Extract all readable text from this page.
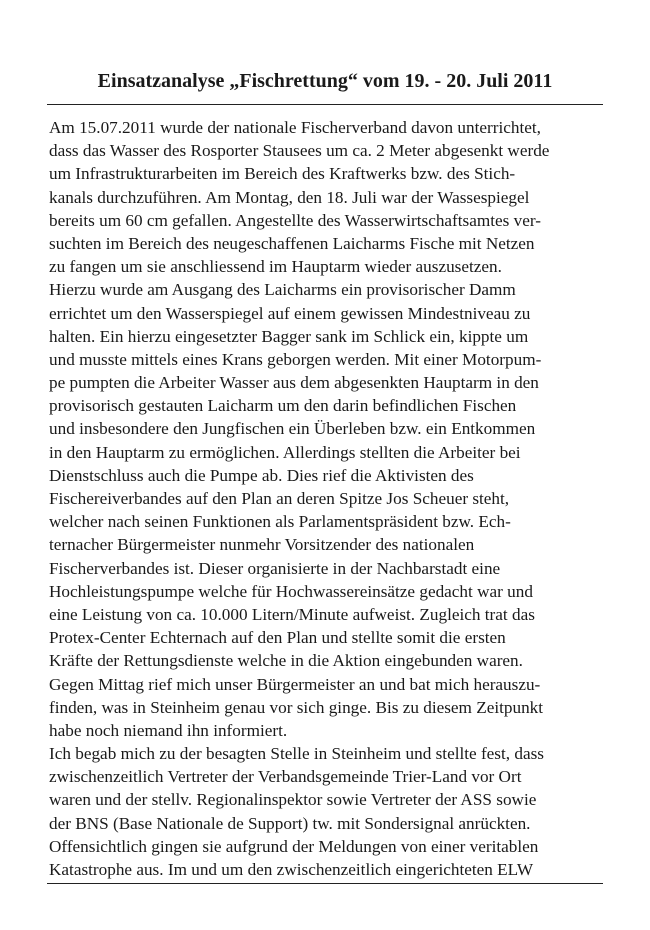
Einsatzanalyse „Fischrettung“ vom 19. - 20. Juli 2011
Am 15.07.2011 wurde der nationale Fischerverband davon unterrichtet,
dass das Wasser des Rosporter Stausees um ca. 2 Meter abgesenkt werde
um Infrastrukturarbeiten im Bereich des Kraftwerks bzw. des Stich-
kanals durchzuführen. Am Montag, den 18. Juli war der Wassespiegel
bereits um 60 cm gefallen. Angestellte des Wasserwirtschaftsamtes ver-
suchten im Bereich des neugeschaffenen Laicharms Fische mit Netzen
zu fangen um sie anschliessend im Hauptarm wieder auszusetzen.
Hierzu wurde am Ausgang des Laicharms ein provisorischer Damm
errichtet um den Wasserspiegel auf einem gewissen Mindestniveau zu
halten. Ein hierzu eingesetzter Bagger sank im Schlick ein, kippte um
und musste mittels eines Krans geborgen werden. Mit einer Motorpum-
pe pumpten die Arbeiter Wasser aus dem abgesenkten Hauptarm in den
provisorisch gestauten Laicharm um den darin befindlichen Fischen
und insbesondere den Jungfischen ein Überleben bzw. ein Entkommen
in den Hauptarm zu ermöglichen. Allerdings stellten die Arbeiter bei
Dienstschluss auch die Pumpe ab. Dies rief die Aktivisten des
Fischereiverbandes auf den Plan an deren Spitze Jos Scheuer steht,
welcher nach seinen Funktionen als Parlamentspräsident bzw. Ech-
ternacher Bürgermeister nunmehr Vorsitzender des nationalen
Fischerverbandes ist. Dieser organisierte in der Nachbarstadt eine
Hochleistungspumpe welche für Hochwassereinsätze gedacht war und
eine Leistung von ca. 10.000 Litern/Minute aufweist. Zugleich trat das
Protex-Center Echternach auf den Plan und stellte somit die ersten
Kräfte der Rettungsdienste welche in die Aktion eingebunden waren.
Gegen Mittag rief mich unser Bürgermeister an und bat mich herauszu-
finden, was in Steinheim genau vor sich ginge. Bis zu diesem Zeitpunkt
habe noch niemand ihn informiert.
Ich begab mich zu der besagten Stelle in Steinheim und stellte fest, dass
zwischenzeitlich Vertreter der Verbandsgemeinde Trier-Land vor Ort
waren und der stellv. Regionalinspektor sowie Vertreter der ASS sowie
der BNS (Base Nationale de Support) tw. mit Sondersignal anrückten.
Offensichtlich gingen sie aufgrund der Meldungen von einer veritablen
Katastrophe aus. Im und um den zwischenzeitlich eingerichteten ELW
